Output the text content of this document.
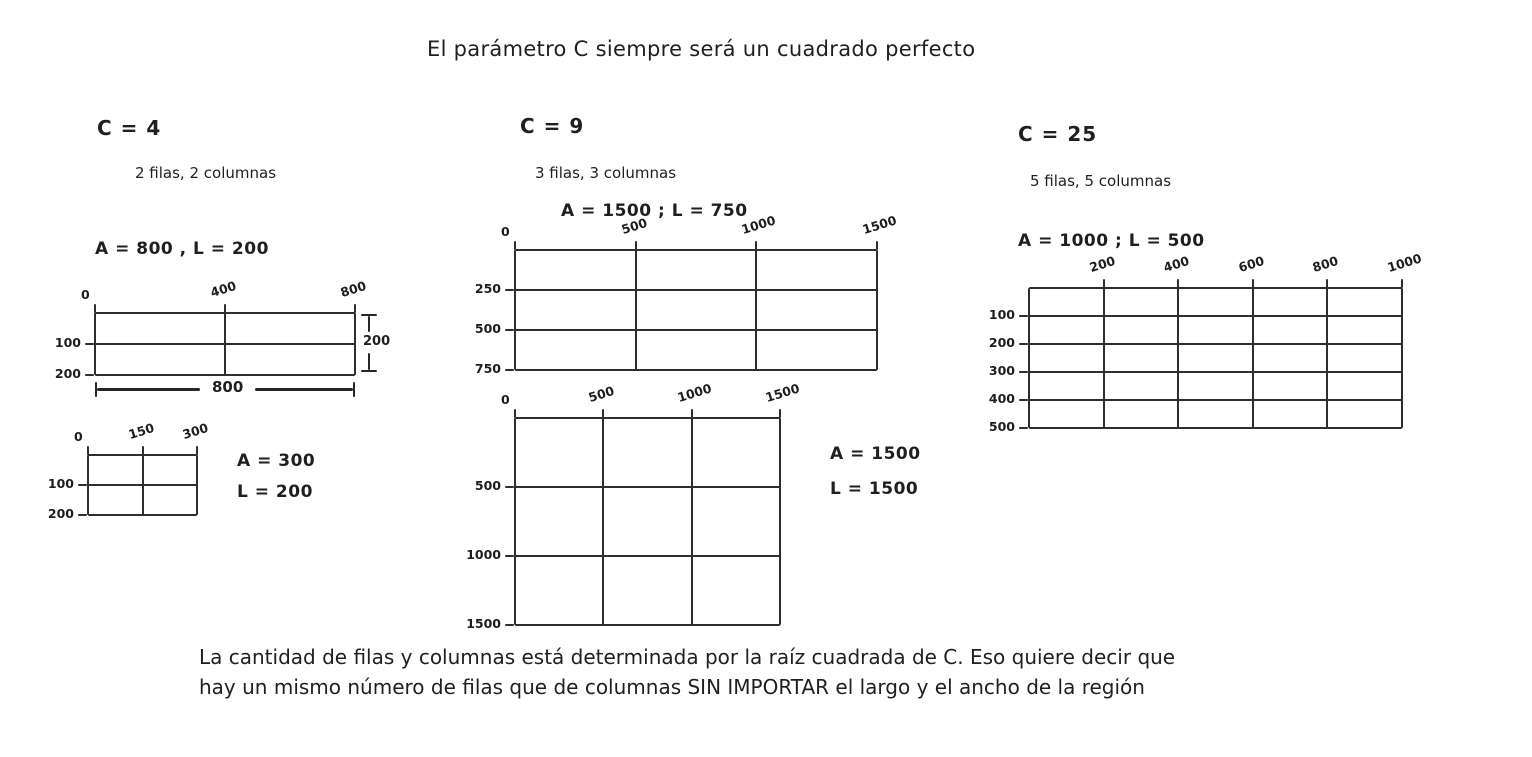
El parámetro C siempre será un cuadrado perfecto
C = 4
2 filas, 2 columnas
A = 800 , L = 200
C = 9
3 filas, 3 columnas
A = 1500 ; L = 750
C = 25
5 filas, 5 columnas
A = 1000 ; L = 500
200
800
A = 300
L = 200
A = 1500
L = 1500
La cantidad de filas y columnas está determinada por la raíz cuadrada de C. Eso quiere decir que
hay un mismo número de filas que de columnas SIN IMPORTAR el largo y el ancho de la región
0	400	800
100
200
0	150 300
100
200
0	500	1000	1500
250
500
750
0	500	1000	1500
500
1000
1500
200	400	600	800	1000
100
200
300
400
500
